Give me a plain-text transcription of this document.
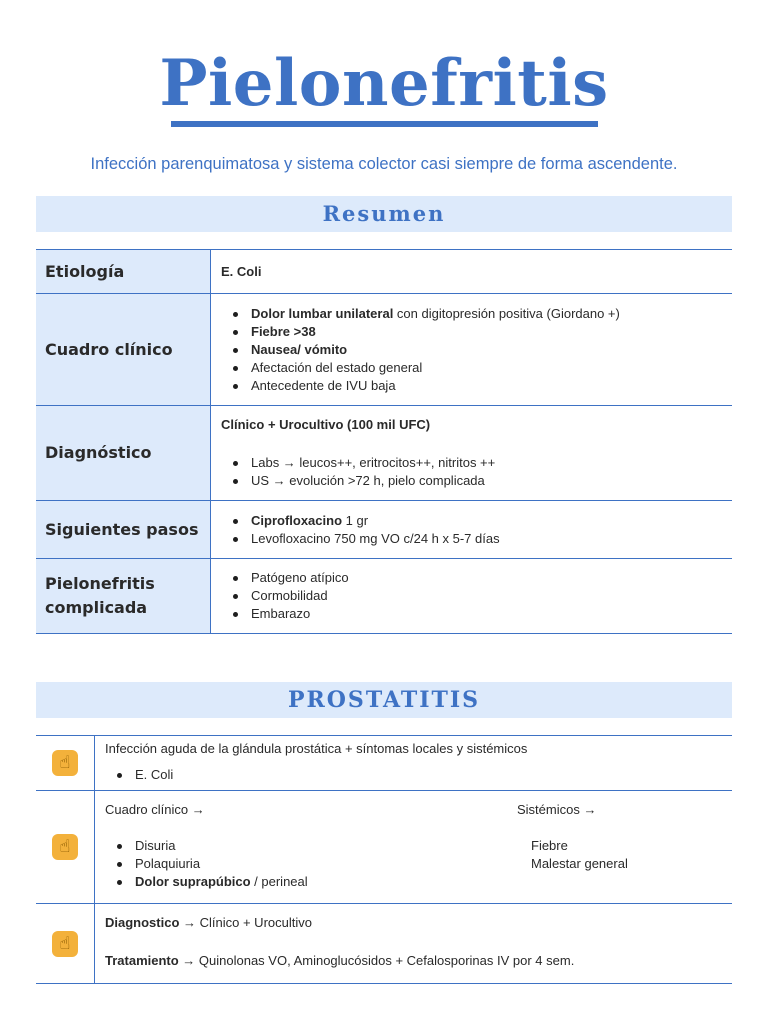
Pielonefritis
Infección parenquimatosa y sistema colector casi siempre de forma ascendente.
Resumen
Etiología	E. Coli
Cuadro clínico
Dolor lumbar unilateral con digitopresión positiva (Giordano +)
Fiebre >38
Nausea/ vómito
Afectación del estado general
Antecedente de IVU baja
Diagnóstico
Clínico + Urocultivo (100 mil UFC)
Labs → leucos++, eritrocitos++, nitritos ++
US → evolución >72 h, pielo complicada
Siguientes pasos	Ciprofloxacino 1 gr
Levofloxacino 750 mg VO c/24 h x 5-7 días
Pielonefritis complicada
Patógeno atípico
Cormobilidad
Embarazo
PROSTATITIS
☝
Infección aguda de la glándula prostática + síntomas locales y sistémicos
E. Coli
☝
Cuadro clínico →
Disuria
Polaquiuria
Dolor suprapúbico / perineal
Sistémicos →
Fiebre
Malestar general
☝
Diagnostico → Clínico + Urocultivo
Tratamiento → Quinolonas VO, Aminoglucósidos + Cefalosporinas IV por 4 sem.
